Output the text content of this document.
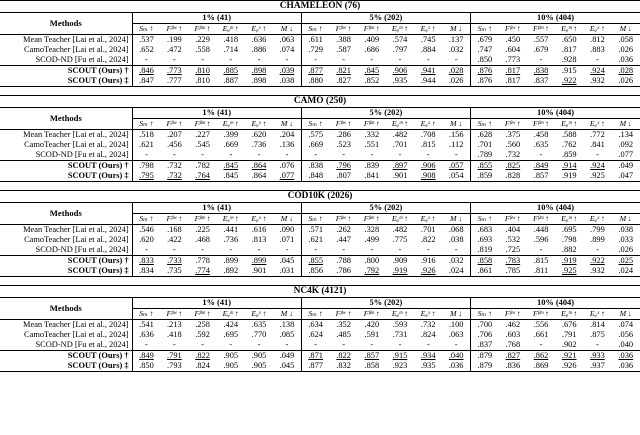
CHAMELEON (76)																		
Methods	1% (41)						5% (202)						10% (404)					
	Sₘ ↑	Fᵝʷ ↑	Fᵝᵐ ↑	Eᵩᵐ ↑	Eᵩˣ ↑	M ↓	Sₘ ↑	Fᵝʷ ↑	Fᵝᵐ ↑	Eᵩᵐ ↑	Eᵩˣ ↑	M ↓	Sₘ ↑	Fᵝʷ ↑	Fᵝᵐ ↑	Eᵩᵐ ↑	Eᵩˣ ↑	M ↓
Mean Teacher [Lai et al., 2024]	.537	.199	.229	.418	.636	.063	.611	.388	.409	.574	.745	.137	.679	.450	.557	.650	.812	.058
CamoTeacher [Lai et al., 2024]	.652	.472	.558	.714	.886	.074	.729	.587	.686	.797	.884	.032	.747	.604	.679	.817	.883	.026
SCOD-ND [Fu et al., 2024]	-	-	-	-	-	-	-	-	-	-	-	-	.850	.773	-	.928	-	.036
SCOUT (Ours) †	.846	.773	.810	.885	.898	.039	.877	.821	.845	.906	.941	.028	.876	.817	.838	.915	.924	.028
SCOUT (Ours) ‡	.847	.777	.810	.887	.898	.038	.880	.827	.852	.935	.944	.026	.876	.817	.837	.922	.932	.026
CAMO (250)																		
Methods	1% (41)						5% (202)						10% (404)					
	Sₘ ↑	Fᵝʷ ↑	Fᵝᵐ ↑	Eᵩᵐ ↑	Eᵩˣ ↑	M ↓	Sₘ ↑	Fᵝʷ ↑	Fᵝᵐ ↑	Eᵩᵐ ↑	Eᵩˣ ↑	M ↓	Sₘ ↑	Fᵝʷ ↑	Fᵝᵐ ↑	Eᵩᵐ ↑	Eᵩˣ ↑	M ↓
Mean Teacher [Lai et al., 2024]	.518	.207	.227	.399	.620	.204	.575	.286	.332	.482	.708	.156	.628	.375	.458	.588	.772	.134
CamoTeacher [Lai et al., 2024]	.621	.456	.545	.669	.736	.136	.669	.523	.551	.701	.815	.112	.701	.560	.635	.762	.841	.092
SCOD-ND [Fu et al., 2024]	-	-	-	-	-	-	-	-	-	-	-	-	.789	.732	-	.859	-	.077
SCOUT (Ours) †	.798	.732	.782	.845	.864	.076	.838	.796	.839	.897	.906	.057	.855	.825	.849	.914	.924	.049
SCOUT (Ours) ‡	.795	.732	.764	.845	.864	.077	.848	.807	.841	.901	.908	.054	.859	.828	.857	.919	.925	.047
COD10K (2026)																		
Methods	1% (41)						5% (202)						10% (404)					
	Sₘ ↑	Fᵝʷ ↑	Fᵝᵐ ↑	Eᵩᵐ ↑	Eᵩˣ ↑	M ↓	Sₘ ↑	Fᵝʷ ↑	Fᵝᵐ ↑	Eᵩᵐ ↑	Eᵩˣ ↑	M ↓	Sₘ ↑	Fᵝʷ ↑	Fᵝᵐ ↑	Eᵩᵐ ↑	Eᵩˣ ↑	M ↓
Mean Teacher [Lai et al., 2024]	.546	.168	.225	.441	.616	.090	.571	.262	.328	.482	.701	.068	.683	.404	.448	.695	.799	.038
CamoTeacher [Lai et al., 2024]	.620	.422	.468	.736	.813	.071	.621	.447	.499	.775	.822	.038	.693	.532	.596	.798	.899	.033
SCOD-ND [Fu et al., 2024]	-	-	-	-	-	-	-	-	-	-	-	-	.819	.725	-	.882	-	.026
SCOUT (Ours) †	.833	.733	.778	.899	.899	.045	.855	.788	.800	.909	.916	.032	.858	.783	.815	.919	.922	.025
SCOUT (Ours) ‡	.834	.735	.774	.892	.901	.031	.856	.786	.792	.919	.926	.024	.861	.785	.811	.925	.932	.024
NC4K (4121)																		
Methods	1% (41)						5% (202)						10% (404)					
	Sₘ ↑	Fᵝʷ ↑	Fᵝᵐ ↑	Eᵩᵐ ↑	Eᵩˣ ↑	M ↓	Sₘ ↑	Fᵝʷ ↑	Fᵝᵐ ↑	Eᵩᵐ ↑	Eᵩˣ ↑	M ↓	Sₘ ↑	Fᵝʷ ↑	Fᵝᵐ ↑	Eᵩᵐ ↑	Eᵩˣ ↑	M ↓
Mean Teacher [Lai et al., 2024]	.541	.213	.258	.424	.635	.138	.634	.352	.420	.593	.732	.100	.700	.462	.556	.676	.814	.074
CamoTeacher [Lai et al., 2024]	.636	.418	.592	.695	.770	.085	.624	.485	.591	.731	.824	.063	.706	.603	.661	.791	.875	.056
SCOD-ND [Fu et al., 2024]	-	-	-	-	-	-	-	-	-	-	-	-	.837	.768	-	.902	-	.040
SCOUT (Ours) †	.849	.791	.822	.905	.905	.049	.871	.822	.857	.915	.934	.040	.879	.827	.862	.921	.933	.036
SCOUT (Ours) ‡	.850	.793	.824	.905	.905	.045	.877	.832	.858	.923	.935	.036	.879	.836	.869	.926	.937	.036
